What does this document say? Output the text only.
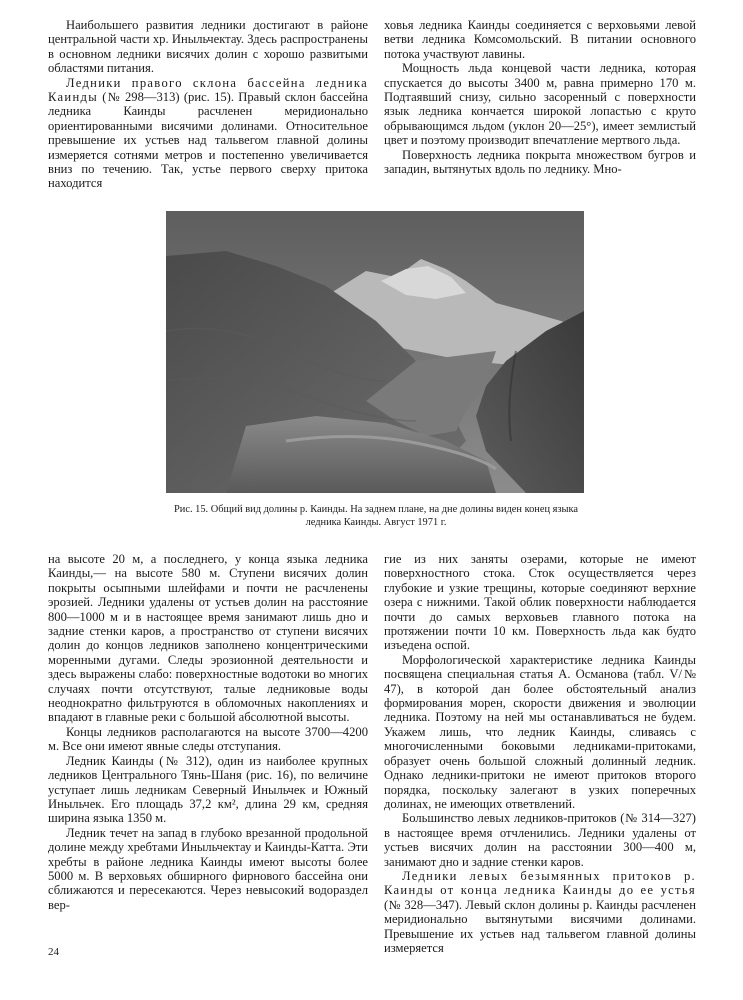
Наибольшего развития ледники достигают в районе центральной части хр. Иныльчектау. Здесь распространены в основном ледники висячих долин с хорошо развитыми областями питания.

Ледники правого склона бассейна ледника Каинды (№ 298—313) (рис. 15). Правый склон бассейна ледника Каинды расчленен меридионально ориентированными висячими долинами. Относительное превышение их устьев над тальвегом главной долины измеряется сотнями метров и постепенно увеличивается вниз по течению. Так, устье первого сверху притока находится

ховья ледника Каинды соединяется с верховьями левой ветви ледника Комсомольский. В питании основного потока участвуют лавины.

Мощность льда концевой части ледника, которая спускается до высоты 3400 м, равна примерно 170 м. Подтаявший снизу, сильно засоренный с поверхности язык ледника кончается широкой лопастью с круто обрывающимся льдом (уклон 20—25°), имеет землистый цвет и поэтому производит впечатление мертвого льда.

Поверхность ледника покрыта множеством бугров и западин, вытянутых вдоль по леднику. Мно-

Рис. 15. Общий вид долины р. Каинды. На заднем плане, на дне долины виден конец языка ледника Каинды. Август 1971 г.

на высоте 20 м, а последнего, у конца языка ледника Каинды,— на высоте 580 м. Ступени висячих долин покрыты осыпными шлейфами и почти не расчленены эрозией. Ледники удалены от устьев долин на расстояние 800—1000 м и в настоящее время занимают лишь дно и задние стенки каров, а пространство от ступени висячих долин до концов ледников заполнено концентрическими моренными дугами. Следы эрозионной деятельности и здесь выражены слабо: поверхностные водотоки во многих случаях почти отсутствуют, талые ледниковые воды неоднократно фильтруются в обломочных накоплениях и впадают в главные реки с большой абсолютной высоты.

Концы ледников располагаются на высоте 3700—4200 м. Все они имеют явные следы отступания.

Ледник Каинды (№ 312), один из наиболее крупных ледников Центрального Тянь-Шаня (рис. 16), по величине уступает лишь ледникам Северный Иныльчек и Южный Иныльчек. Его площадь 37,2 км², длина 29 км, средняя ширина языка 1350 м.

Ледник течет на запад в глубоко врезанной продольной долине между хребтами Иныльчектау и Каинды-Катта. Эти хребты в районе ледника Каинды имеют высоты более 5000 м. В верховьях обширного фирнового бассейна они сближаются и пересекаются. Через невысокий водораздел вер-

гие из них заняты озерами, которые не имеют поверхностного стока. Сток осуществляется через глубокие и узкие трещины, которые соединяют верхние озера с нижними. Такой облик поверхности наблюдается почти до самых верховьев главного потока на протяжении почти 10 км. Поверхность льда как будто изъедена оспой.

Морфологической характеристике ледника Каинды посвящена специальная статья А. Османова (табл. V/№ 47), в которой дан более обстоятельный анализ формирования морен, скорости движения и эволюции ледника. Поэтому на ней мы останавливаться не будем. Укажем лишь, что ледник Каинды, сливаясь с многочисленными боковыми ледниками-притоками, образует очень большой сложный долинный ледник. Однако ледники-притоки не имеют притоков второго порядка, поскольку залегают в узких поперечных долинах, не имеющих ответвлений.

Большинство левых ледников-притоков (№ 314—327) в настоящее время отчленились. Ледники удалены от устьев висячих долин на расстоянии 300—400 м, занимают дно и задние стенки каров.

Ледники левых безымянных притоков р. Каинды от конца ледника Каинды до ее устья (№ 328—347). Левый склон долины р. Каинды расчленен меридионально вытянутыми висячими долинами. Превышение их устьев над тальвегом главной долины измеряется

24
